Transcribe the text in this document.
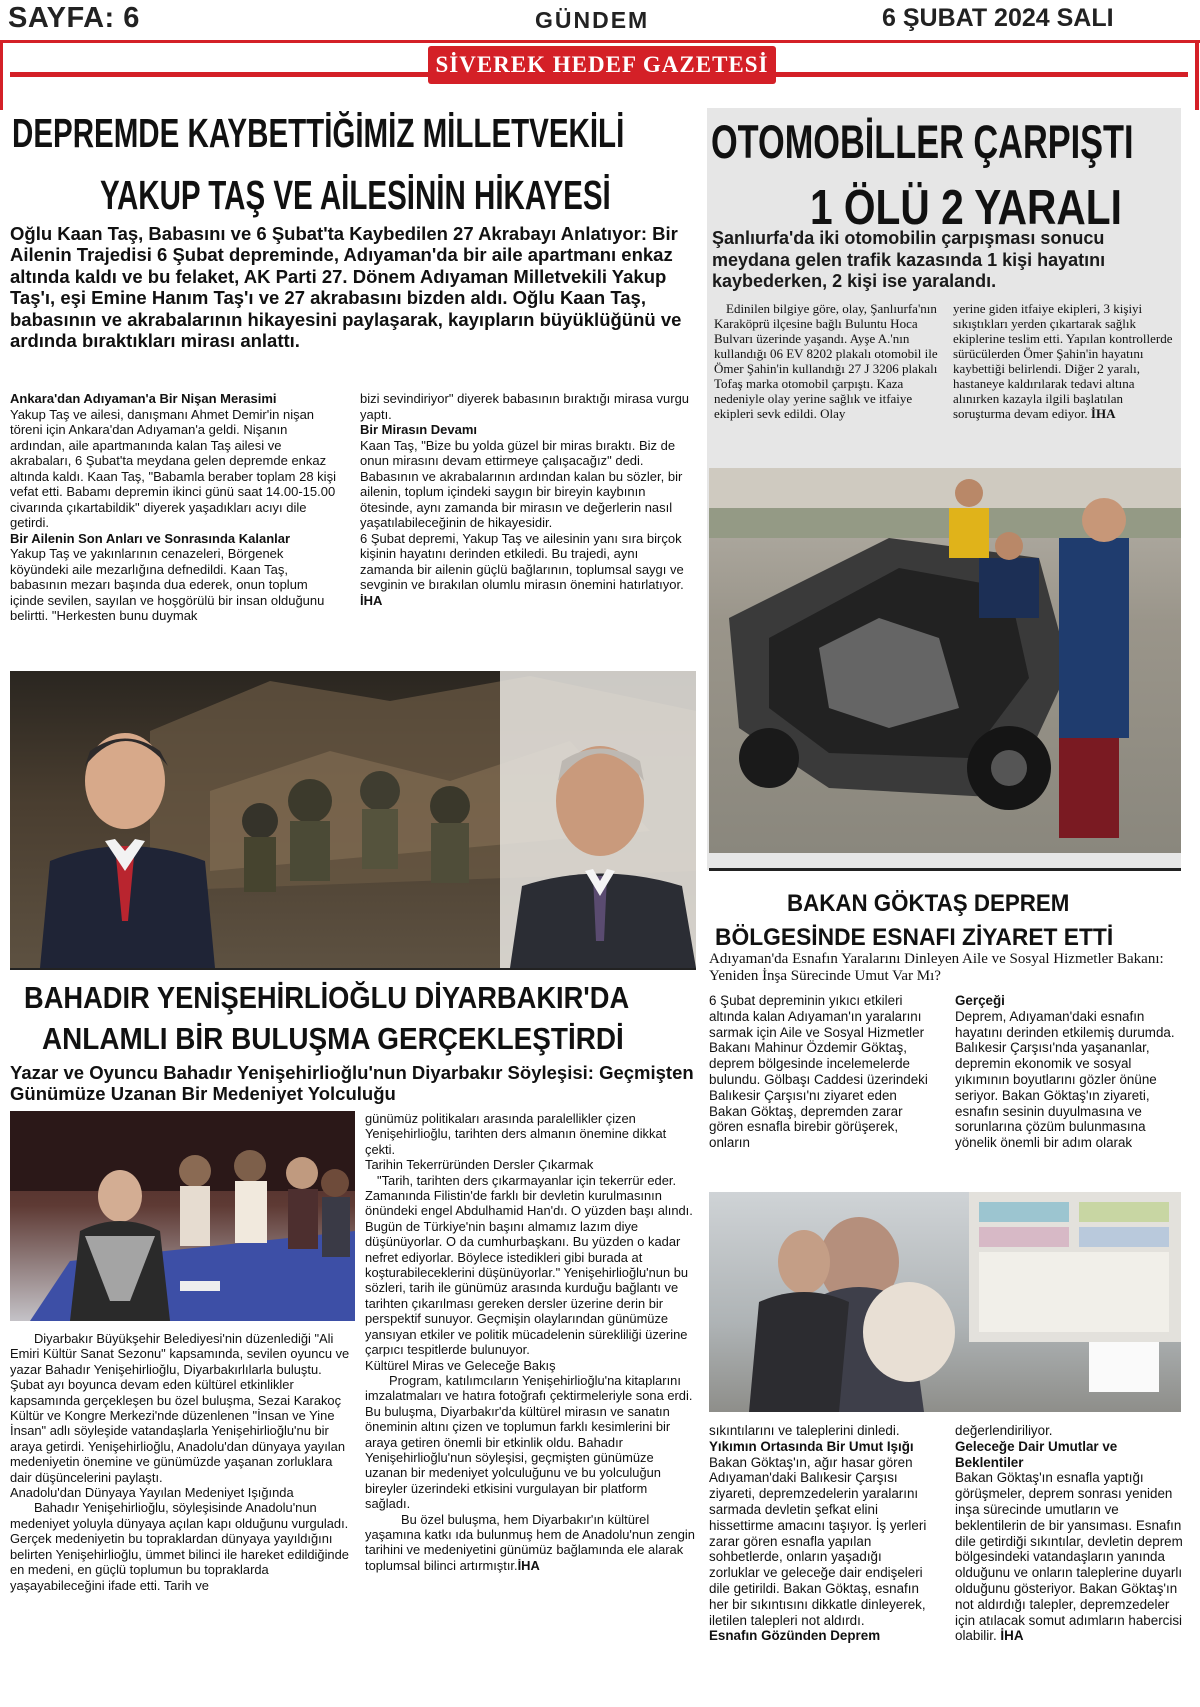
SAYFA: 6	GÜNDEM	6 ŞUBAT 2024 SALI
SİVEREK HEDEF GAZETESİ
DEPREMDE KAYBETTİĞİMİZ MİLLETVEKİLİ
YAKUP TAŞ VE AİLESİNİN HİKAYESİ
Oğlu Kaan Taş, Babasını ve 6 Şubat'ta Kaybedilen 27 Akrabayı Anlatıyor: Bir Ailenin Trajedisi 6 Şubat depreminde, Adıyaman'da bir aile apartmanı enkaz altında kaldı ve bu felaket, AK Parti 27. Dönem Adıyaman Milletvekili Yakup Taş'ı, eşi Emine Hanım Taş'ı ve 27 akrabasını bizden aldı. Oğlu Kaan Taş, babasının ve akrabalarının hikayesini paylaşarak, kayıpların büyüklüğünü ve ardında bıraktıkları mirası anlattı.

Ankara'dan Adıyaman'a Bir Nişan Merasimi

Yakup Taş ve ailesi, danışmanı Ahmet Demir'in nişan töreni için Ankara'dan Adıyaman'a geldi. Nişanın ardından, aile apartmanında kalan Taş ailesi ve akrabaları, 6 Şubat'ta meydana gelen depremde enkaz altında kaldı. Kaan Taş, "Babamla beraber toplam 28 kişi vefat etti. Babamı depremin ikinci günü saat 14.00-15.00 civarında çıkartabildik" diyerek yaşadıkları acıyı dile getirdi.

Bir Ailenin Son Anları ve Sonrasında Kalanlar

Yakup Taş ve yakınlarının cenazeleri, Börgenek köyündeki aile mezarlığına defnedildi. Kaan Taş, babasının mezarı başında dua ederek, onun toplum içinde sevilen, sayılan ve hoşgörülü bir insan olduğunu belirtti. "Herkesten bunu duymak

bizi sevindiriyor" diyerek babasının bıraktığı mirasa vurgu yaptı.

Bir Mirasın Devamı

Kaan Taş, "Bize bu yolda güzel bir miras bıraktı. Biz de onun mirasını devam ettirmeye çalışacağız" dedi. Babasının ve akrabalarının ardından kalan bu sözler, bir ailenin, toplum içindeki saygın bir bireyin kaybının ötesinde, aynı zamanda bir mirasın ve değerlerin nasıl yaşatılabileceğinin de hikayesidir.

6 Şubat depremi, Yakup Taş ve ailesinin yanı sıra birçok kişinin hayatını derinden etkiledi. Bu trajedi, aynı zamanda bir ailenin güçlü bağlarının, toplumsal saygı ve sevginin ve bırakılan olumlu mirasın önemini hatırlatıyor. İHA

OTOMOBİLLER ÇARPIŞTI
1 ÖLÜ 2 YARALI
Şanlıurfa'da iki otomobilin çarpışması sonucu meydana gelen trafik kazasında 1 kişi hayatını kaybederken, 2 kişi ise yaralandı.
Edinilen bilgiye göre, olay, Şanlıurfa'nın Karaköprü ilçesine bağlı Buluntu Hoca Bulvarı üzerinde yaşandı. Ayşe A.'nın kullandığı 06 EV 8202 plakalı otomobil ile Ömer Şahin'in kullandığı 27 J 3206 plakalı Tofaş marka otomobil çarpıştı. Kaza nedeniyle olay yerine sağlık ve itfaiye ekipleri sevk edildi. Olay
yerine giden itfaiye ekipleri, 3 kişiyi sıkıştıkları yerden çıkartarak sağlık ekiplerine teslim etti. Yapılan kontrollerde sürücülerden Ömer Şahin'in hayatını kaybettiği belirlendi. Diğer 2 yaralı, hastaneye kaldırılarak tedavi altına alınırken kazayla ilgili başlatılan soruşturma devam ediyor. İHA
BAHADIR YENİŞEHİRLİOĞLU DİYARBAKIR'DA
ANLAMLI BİR BULUŞMA GERÇEKLEŞTİRDİ
Yazar ve Oyuncu Bahadır Yenişehirlioğlu'nun Diyarbakır Söyleşisi: Geçmişten Günümüze Uzanan Bir Medeniyet Yolculuğu

Diyarbakır Büyükşehir Belediyesi'nin düzenlediği "Ali Emiri Kültür Sanat Sezonu" kapsamında, sevilen oyuncu ve yazar Bahadır Yenişehirlioğlu, Diyarbakırlılarla buluştu. Şubat ayı boyunca devam eden kültürel etkinlikler kapsamında gerçekleşen bu özel buluşma, Sezai Karakoç Kültür ve Kongre Merkezi'nde düzenlenen "İnsan ve Yine İnsan" adlı söyleşide vatandaşlarla Yenişehirlioğlu'nu bir araya getirdi. Yenişehirlioğlu, Anadolu'dan dünyaya yayılan medeniyetin önemine ve günümüzde yaşanan zorluklara dair düşüncelerini paylaştı.

Anadolu'dan Dünyaya Yayılan Medeniyet Işığında

Bahadır Yenişehirlioğlu, söyleşisinde Anadolu'nun medeniyet yoluyla dünyaya açılan kapı olduğunu vurguladı. Gerçek medeniyetin bu topraklardan dünyaya yayıldığını belirten Yenişehirlioğlu, ümmet bilinci ile hareket edildiğinde en medeni, en güçlü toplumun bu topraklarda yaşayabileceğini ifade etti. Tarih ve

günümüz politikaları arasında paralellikler çizen Yenişehirlioğlu, tarihten ders almanın önemine dikkat çekti.

Tarihin Tekerrüründen Dersler Çıkarmak

"Tarih, tarihten ders çıkarmayanlar için tekerrür eder. Zamanında Filistin'de farklı bir devletin kurulmasının önündeki engel Abdulhamid Han'dı. O yüzden başı alındı. Bugün de Türkiye'nin başını almamız lazım diye düşünüyorlar. O da cumhurbaşkanı. Bu yüzden o kadar nefret ediyorlar. Böylece istedikleri gibi burada at koşturabileceklerini düşünüyorlar." Yenişehirlioğlu'nun bu sözleri, tarih ile günümüz arasında kurduğu bağlantı ve tarihten çıkarılması gereken dersler üzerine derin bir perspektif sunuyor. Geçmişin olaylarından günümüze yansıyan etkiler ve politik mücadelenin sürekliliği üzerine çarpıcı tespitlerde bulunuyor.

Kültürel Miras ve Geleceğe Bakış

Program, katılımcıların Yenişehirlioğlu'na kitaplarını imzalatmaları ve hatıra fotoğrafı çektirmeleriyle sona erdi. Bu buluşma, Diyarbakır'da kültürel mirasın ve sanatın öneminin altını çizen ve toplumun farklı kesimlerini bir araya getiren önemli bir etkinlik oldu. Bahadır Yenişehirlioğlu'nun söyleşisi, geçmişten günümüze uzanan bir medeniyet yolculuğunu ve bu yolculuğun bireyler üzerindeki etkisini vurgulayan bir platform sağladı.

Bu özel buluşma, hem Diyarbakır'ın kültürel yaşamına katkı ıda bulunmuş hem de Anadolu'nun zengin tarihini ve medeniyetini günümüz bağlamında ele alarak toplumsal bilinci artırmıştır.İHA

BAKAN GÖKTAŞ DEPREM
BÖLGESİNDE ESNAFI ZİYARET ETTİ
Adıyaman'da Esnafın Yaralarını Dinleyen Aile ve Sosyal Hizmetler Bakanı: Yeniden İnşa Sürecinde Umut Var Mı?

6 Şubat depreminin yıkıcı etkileri altında kalan Adıyaman'ın yaralarını sarmak için Aile ve Sosyal Hizmetler Bakanı Mahinur Özdemir Göktaş, deprem bölgesinde incelemelerde bulundu. Gölbaşı Caddesi üzerindeki Balıkesir Çarşısı'nı ziyaret eden Bakan Göktaş, depremden zarar gören esnafla birebir görüşerek, onların

Gerçeği

Deprem, Adıyaman'daki esnafın hayatını derinden etkilemiş durumda. Balıkesir Çarşısı'nda yaşananlar, depremin ekonomik ve sosyal yıkımının boyutlarını gözler önüne seriyor. Bakan Göktaş'ın ziyareti, esnafın sesinin duyulmasına ve sorunlarına çözüm bulunmasına yönelik önemli bir adım olarak

sıkıntılarını ve taleplerini dinledi.

Yıkımın Ortasında Bir Umut Işığı

Bakan Göktaş'ın, ağır hasar gören Adıyaman'daki Balıkesir Çarşısı ziyareti, depremzedelerin yaralarını sarmada devletin şefkat elini hissettirme amacını taşıyor. İş yerleri zarar gören esnafla yapılan sohbetlerde, onların yaşadığı zorluklar ve geleceğe dair endişeleri dile getirildi. Bakan Göktaş, esnafın her bir sıkıntısını dikkatle dinleyerek, iletilen talepleri not aldırdı.

Esnafın Gözünden Deprem

değerlendiriliyor.

Geleceğe Dair Umutlar ve Beklentiler

Bakan Göktaş'ın esnafla yaptığı görüşmeler, deprem sonrası yeniden inşa sürecinde umutların ve beklentilerin de bir yansıması. Esnafın dile getirdiği sıkıntılar, devletin deprem bölgesindeki vatandaşların yanında olduğunu ve onların taleplerine duyarlı olduğunu gösteriyor. Bakan Göktaş'ın not aldırdığı talepler, depremzedeler için atılacak somut adımların habercisi olabilir. İHA
